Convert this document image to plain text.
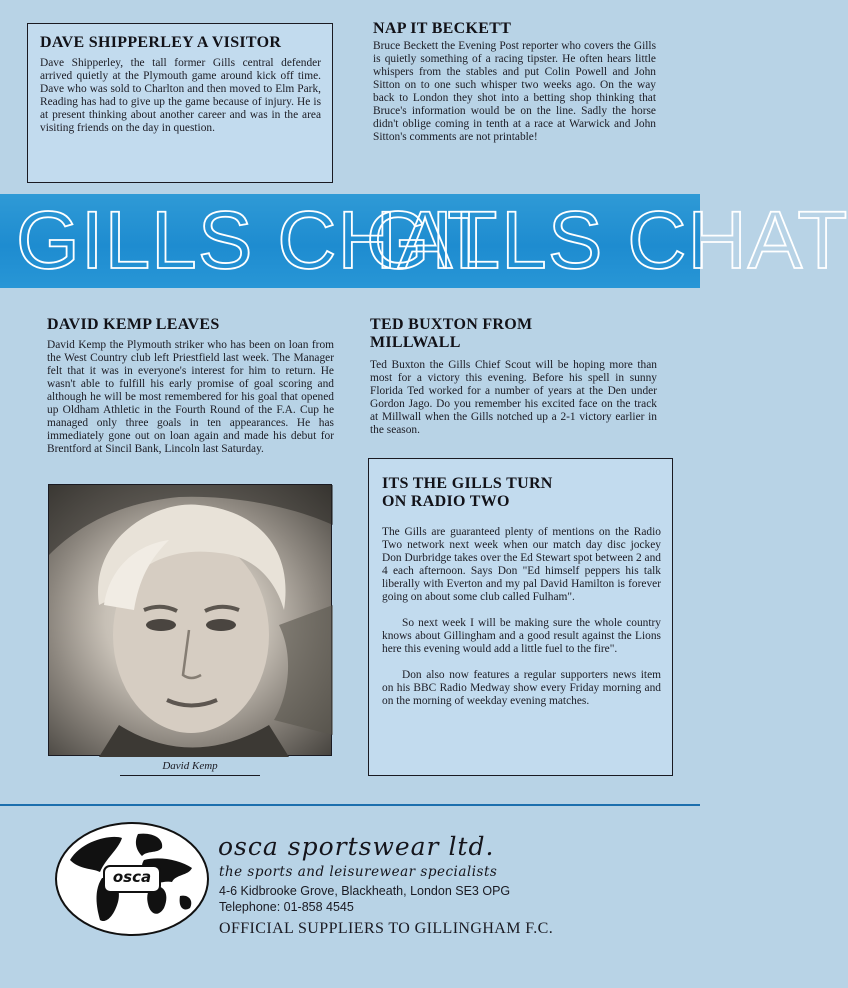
DAVE SHIPPERLEY A VISITOR

Dave Shipperley, the tall former Gills central defender arrived quietly at the Plymouth game around kick off time. Dave who was sold to Charlton and then moved to Elm Park, Reading has had to give up the game because of injury. He is at present thinking about another career and was in the area visiting friends on the day in question.

NAP IT BECKETT

Bruce Beckett the Evening Post reporter who covers the Gills is quietly something of a racing tipster. He often hears little whispers from the stables and put Colin Powell and John Sitton on to one such whisper two weeks ago. On the way back to London they shot into a betting shop thinking that Bruce's information would be on the line. Sadly the horse didn't oblige coming in tenth at a race at Warwick and John Sitton's comments are not printable!

GILLS CHAT
GILLS CHAT
DAVID KEMP LEAVES

David Kemp the Plymouth striker who has been on loan from the West Country club left Priestfield last week. The Manager felt that it was in everyone's interest for him to return. He wasn't able to fulfill his early promise of goal scoring and although he will be most remembered for his goal that opened up Oldham Athletic in the Fourth Round of the F.A. Cup he managed only three goals in ten appearances. He has immediately gone out on loan again and made his debut for Brentford at Sincil Bank, Lincoln last Saturday.

David Kemp
TED BUXTON FROM
MILLWALL

Ted Buxton the Gills Chief Scout will be hoping more than most for a victory this evening. Before his spell in sunny Florida Ted worked for a number of years at the Den under Gordon Jago. Do you remember his excited face on the track at Millwall when the Gills notched up a 2-1 victory earlier in the season.

ITS THE GILLS TURN
ON RADIO TWO

The Gills are guaranteed plenty of mentions on the Radio Two network next week when our match day disc jockey Don Durbridge takes over the Ed Stewart spot between 2 and 4 each afternoon. Says Don "Ed himself peppers his talk liberally with Everton and my pal David Hamilton is forever going on about some club called Fulham".

So next week I will be making sure the whole country knows about Gillingham and a good result against the Lions here this evening would add a little fuel to the fire".

Don also now features a regular supporters news item on his BBC Radio Medway show every Friday morning and on the morning of weekday evening matches.

osca
osca sportswear ltd.
the sports and leisurewear specialists
4-6 Kidbrooke Grove, Blackheath, London SE3 OPG
Telephone: 01-858 4545
OFFICIAL SUPPLIERS TO GILLINGHAM F.C.
